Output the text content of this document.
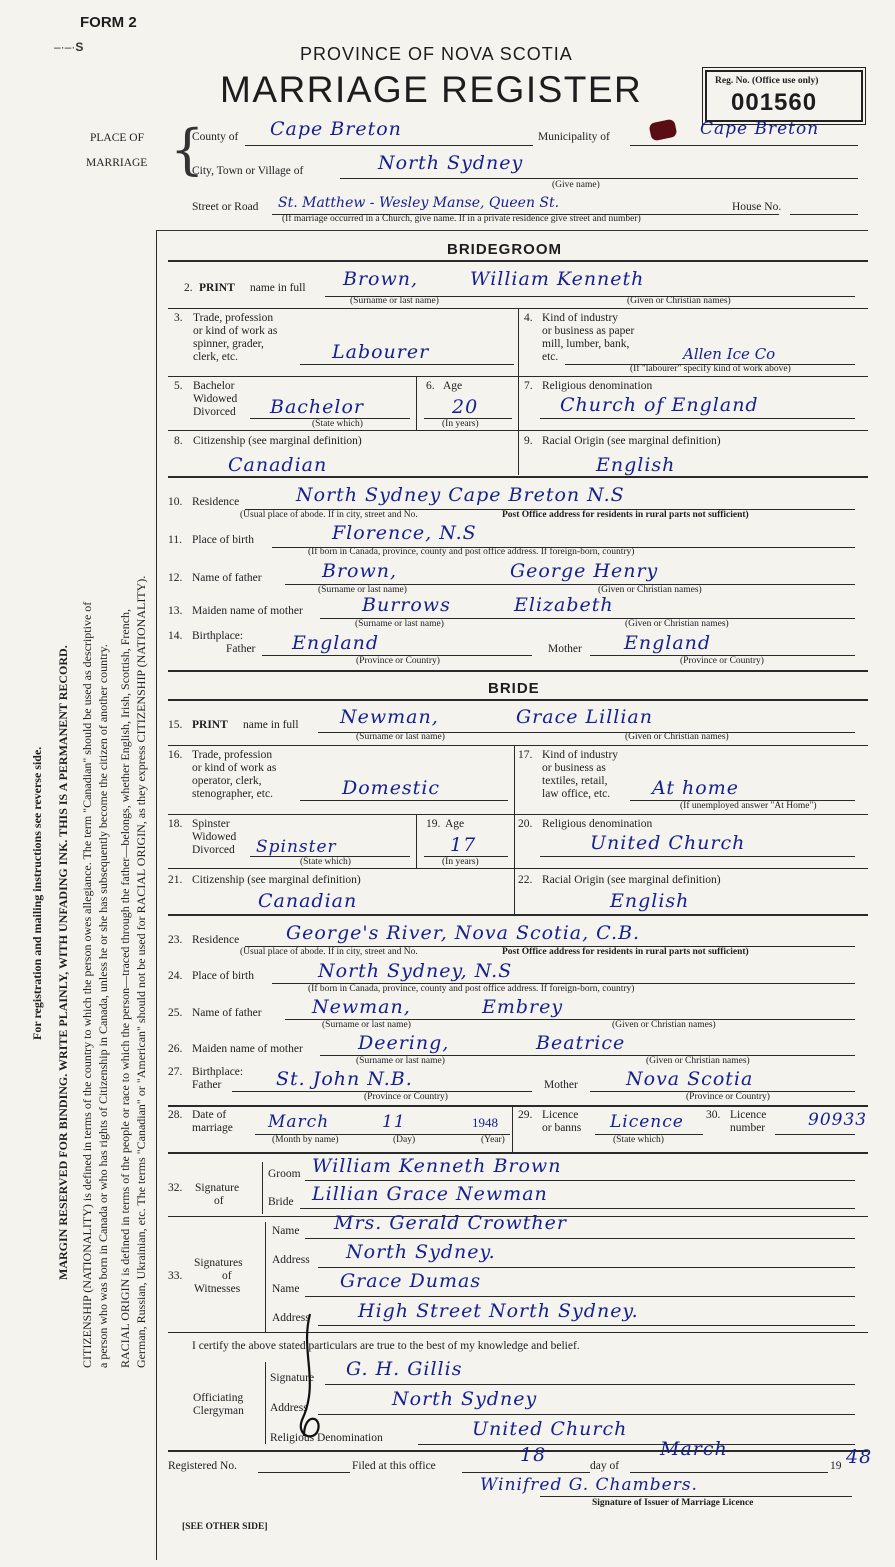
FORM 2
–·–·S	PROVINCE OF NOVA SCOTIA
MARRIAGE REGISTER	Reg. No. (Office use only)
001560
PLACE OF
MARRIAGE {
County of Cape Breton	Municipality of	Cape Breton
City, Town or Village of	North Sydney
(Give name)
Street or Road St. Matthew - Wesley Manse, Queen St.	House No.
(If marriage occurred in a Church, give name. If in a private residence give street and number)
For registration and mailing instructions see reverse side. MARGIN RESERVED FOR BINDING. WRITE PLAINLY, WITH UNFADING INK. THIS IS A PERMANENT RECORD. CITIZENSHIP (NATIONALITY) is defined in terms of the country to which the person owes allegiance. The term "Canadian" should be used as descriptive of a person who was born in Canada or who has rights of Citizenship in Canada, unless he or she has subsequently become the citizen of another country. RACIAL ORIGIN is defined in terms of the people or race to which the person—traced through the father—belongs, whether English, Irish, Scottish, French, German, Russian, Ukrainian, etc. The terms "Canadian" or "American" should not be used for RACIAL ORIGIN, as they express CITIZENSHIP (NATIONALITY).
BRIDEGROOM
2. PRINT name in full Brown,	William Kenneth
(Surname or last name)	(Given or Christian names)
3. Trade, profession
or kind of work as
spinner, grader,
clerk, etc.	Labourer
4. Kind of industry
or business as paper
mill, lumber, bank,
etc.	Allen Ice Co
(If "labourer" specify kind of work above)
5. Bachelor
Widowed
Divorced Bachelor
(State which)
6. Age
20
(In years)
7. Religious denomination
Church of England
8. Citizenship (see marginal definition)
Canadian
9. Racial Origin (see marginal definition)
English
10. Residence	North Sydney Cape Breton N.S
(Usual place of abode. If in city, street and No.	Post Office address for residents in rural parts not sufficient)
11. Place of birth	Florence, N.S
(If born in Canada, province, county and post office address. If foreign-born, country)
12. Name of father	Brown,	George Henry
(Surname or last name)	(Given or Christian names)
13. Maiden name of mother	Burrows	Elizabeth
(Surname or last name)	(Given or Christian names)
14. Birthplace:
Father England
(Province or Country)
Mother England
(Province or Country)
BRIDE
15. PRINT name in full Newman,	Grace Lillian
(Surname or last name)	(Given or Christian names)
16. Trade, profession
or kind of work as
operator, clerk,
stenographer, etc.	Domestic
17. Kind of industry
or business as
textiles, retail,
law office, etc. At home
(If unemployed answer "At Home")
18. Spinster
Widowed
Divorced Spinster
(State which)
19. Age
17
(In years)
20. Religious denomination
United Church
21. Citizenship (see marginal definition)
Canadian
22. Racial Origin (see marginal definition)
English
23. Residence George's River, Nova Scotia, C.B.
(Usual place of abode. If in city, street and No.	Post Office address for residents in rural parts not sufficient)
24. Place of birth	North Sydney, N.S
(If born in Canada, province, county and post office address. If foreign-born, country)
25. Name of father	Newman,	Embrey
(Surname or last name)	(Given or Christian names)
26. Maiden name of mother	Deering,	Beatrice
(Surname or last name)	(Given or Christian names)
27. Birthplace:
Father	St. John N.B.
(Province or Country)
Mother	Nova Scotia
(Province or Country)
28. Date of
marriage March
(Month by name)
11
(Day)
1948
(Year)
29. Licence
or banns Licence
(State which)
30. Licence
number	90933
32. Signature
of
Groom William Kenneth Brown
Bride Lillian Grace Newman
33.
Signatures
of
Witnesses
Name Mrs. Gerald Crowther
Address North Sydney.
Name Grace Dumas
Address	High Street North Sydney.
I certify the above stated particulars are true to the best of my knowledge and belief.
Officiating
Clergyman
Signature G. H. Gillis
Address	North Sydney
Religious Denomination	United Church
Registered No.	Filed at this office	18	day of
March
19 48
Winifred G. Chambers.
Signature of Issuer of Marriage Licence
[SEE OTHER SIDE]
